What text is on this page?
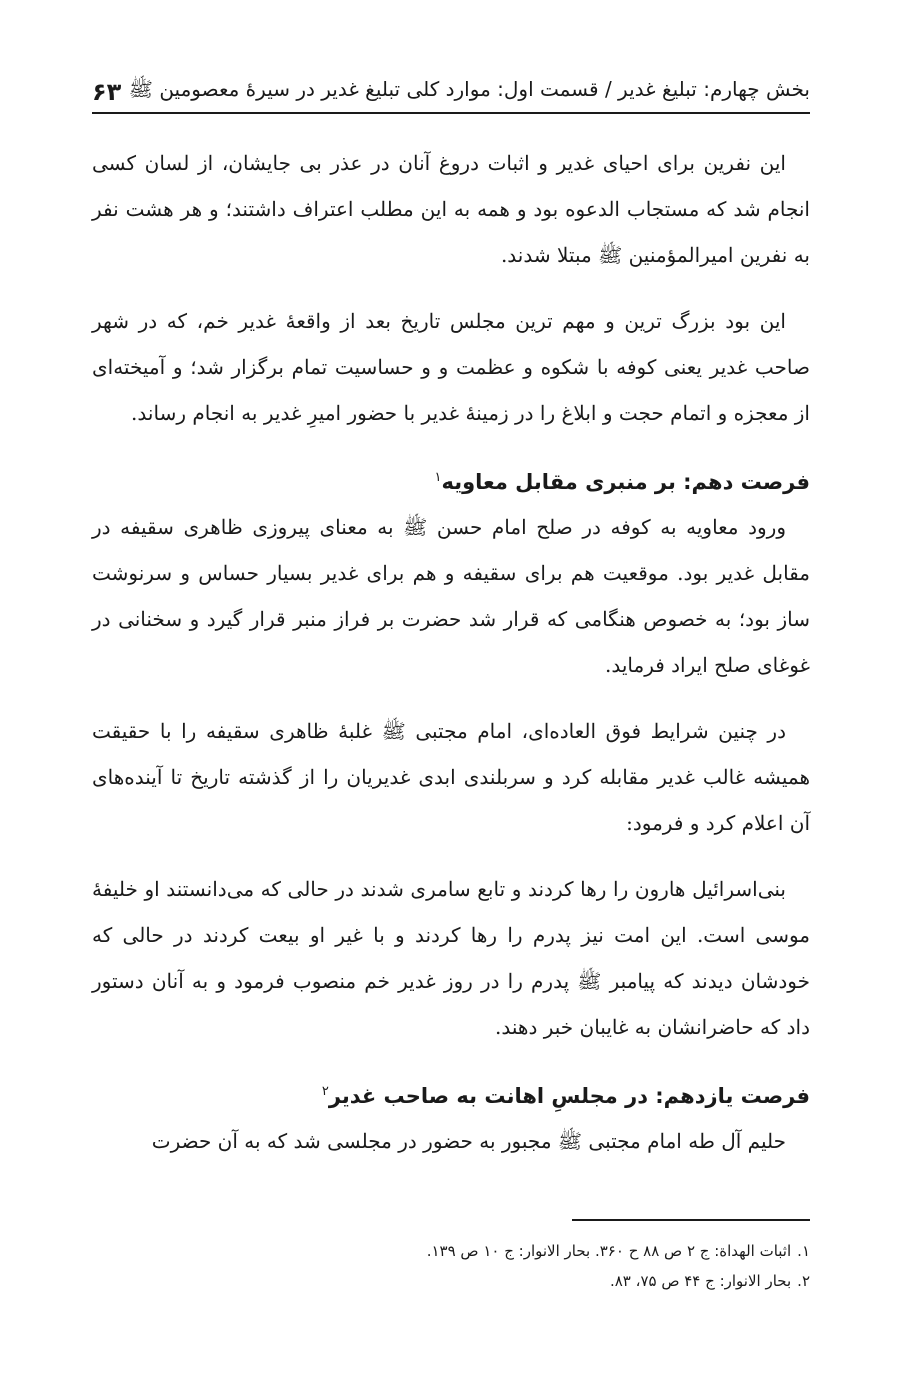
بخش چهارم: تبلیغ غدیر / قسمت اول: موارد کلی تبلیغ غدیر در سیرۀ معصومین ﷺ
۶۳

این نفرین برای احیای غدیر و اثبات دروغ آنان در عذر بی جایشان، از لسان کسی انجام شد که مستجاب الدعوه بود و همه به این مطلب اعتراف داشتند؛ و هر هشت نفر به نفرین امیرالمؤمنین ﷺ مبتلا شدند.

این بود بزرگ ترین و مهم ترین مجلس تاریخ بعد از واقعۀ غدیر خم، که در شهر صاحب غدیر یعنی کوفه با شکوه و عظمت و و حساسیت تمام برگزار شد؛ و آمیخته‌ای از معجزه و اتمام حجت و ابلاغ را در زمینۀ غدیر با حضور امیرِ غدیر به انجام رساند.

فرصت دهم: بر منبری مقابل معاویه$^۱$

ورود معاویه به کوفه در صلح امام حسن ﷺ به معنای پیروزی ظاهری سقیفه در مقابل غدیر بود. موقعیت هم برای سقیفه و هم برای غدیر بسیار حساس و سرنوشت ساز بود؛ به خصوص هنگامی که قرار شد حضرت بر فراز منبر قرار گیرد و سخنانی در غوغای صلح ایراد فرماید.

در چنین شرایط فوق العاده‌ای، امام مجتبی ﷺ غلبۀ ظاهری سقیفه را با حقیقت همیشه غالب غدیر مقابله کرد و سربلندی ابدی غدیریان را از گذشته تاریخ تا آینده‌های آن اعلام کرد و فرمود:

بنی‌اسرائیل هارون را رها کردند و تابع سامری شدند در حالی که می‌دانستند او خلیفۀ موسی است. این امت نیز پدرم را رها کردند و با غیر او بیعت کردند در حالی که خودشان دیدند که پیامبر ﷺ پدرم را در روز غدیر خم منصوب فرمود و به آنان دستور داد که حاضرانشان به غایبان خبر دهند.

فرصت یازدهم: در مجلسِ اهانت به صاحب غدیر$^۲$

حلیم آل طه امام مجتبی ﷺ مجبور به حضور در مجلسی شد که به آن حضرت

۱.اثبات الهداة: ج ۲ ص ۸۸ ح ۳۶۰. بحار الانوار: ج ۱۰ ص ۱۳۹.

۲.بحار الانوار: ج ۴۴ ص ۷۵، ۸۳.
